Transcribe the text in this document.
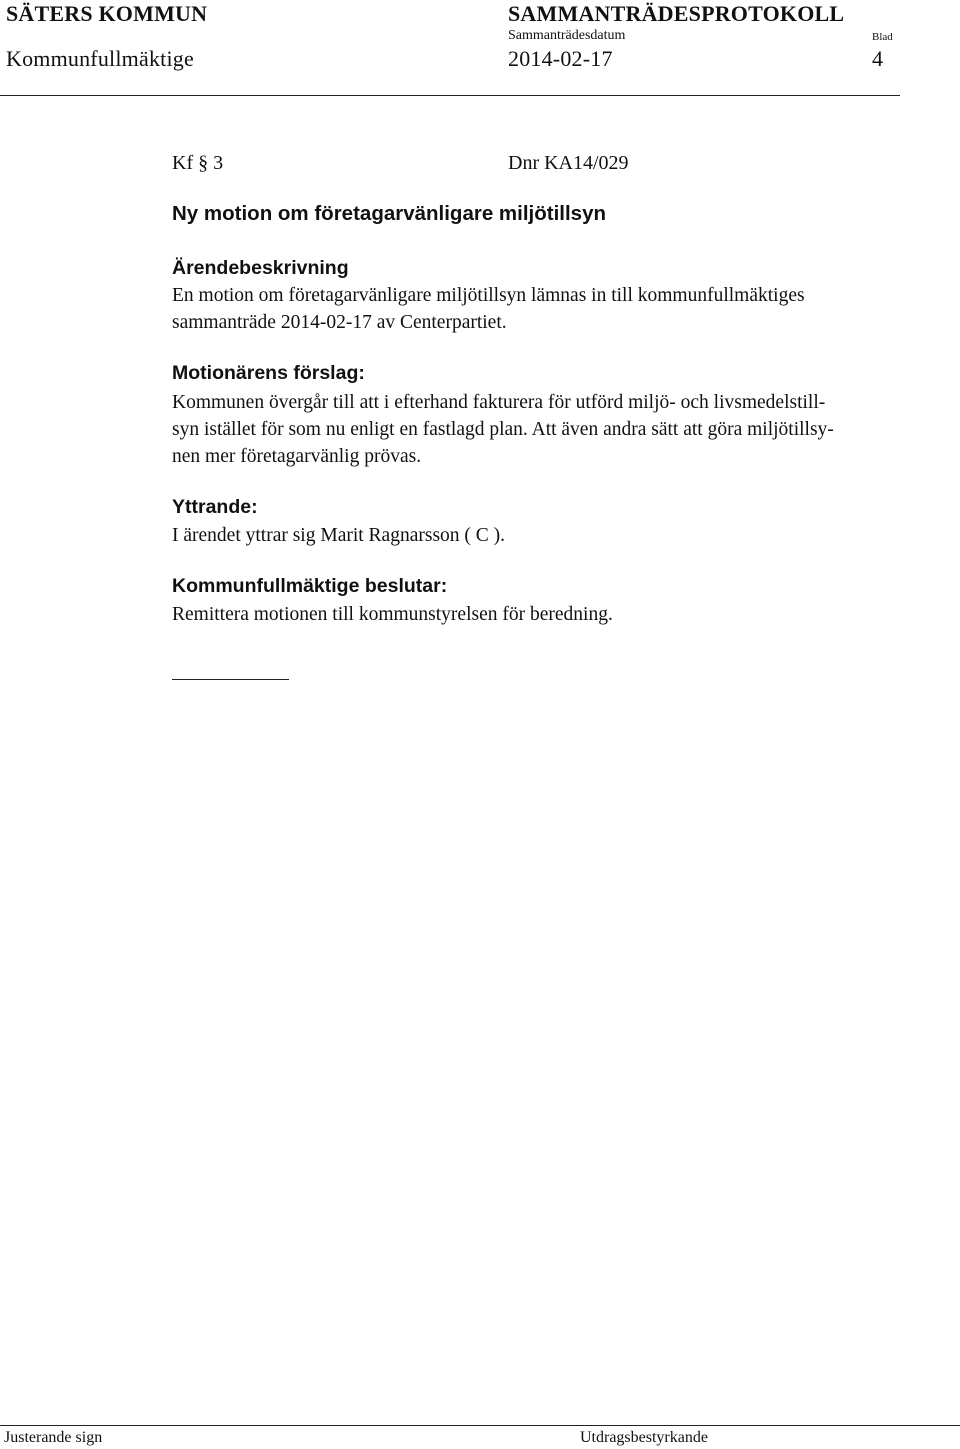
SÄTERS KOMMUN	SAMMANTRÄDESPROTOKOLL
Sammanträdesdatum	Blad
Kommunfullmäktige	2014-02-17	4
Kf § 3	Dnr KA14/029
Ny motion om företagarvänligare miljötillsyn
Ärendebeskrivning
En motion om företagarvänligare miljötillsyn lämnas in till kommunfullmäktiges
sammanträde 2014-02-17 av Centerpartiet.
Motionärens förslag:
Kommunen övergår till att i efterhand fakturera för utförd miljö- och livsmedelstill-
syn istället för som nu enligt en fastlagd plan. Att även andra sätt att göra miljötillsy-
nen mer företagarvänlig prövas.
Yttrande:
I ärendet yttrar sig Marit Ragnarsson ( C ).
Kommunfullmäktige beslutar:
Remittera motionen till kommunstyrelsen för beredning.
Justerande sign	Utdragsbestyrkande
